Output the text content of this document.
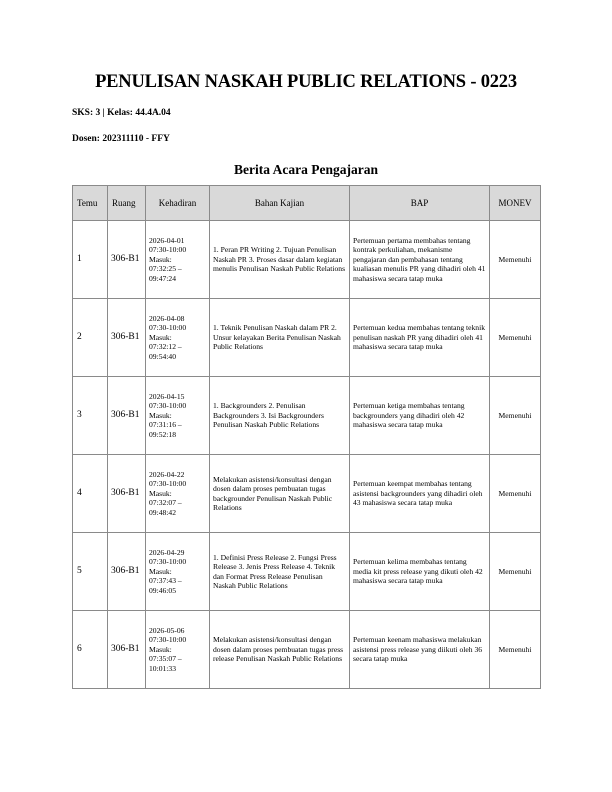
PENULISAN NASKAH PUBLIC RELATIONS - 0223
SKS: 3 | Kelas: 44.4A.04
Dosen: 202311110 - FFY
Berita Acara Pengajaran
Temu	Ruang	Kehadiran	Bahan Kajian	BAP	MONEV
1	306-B1	2026-04-01
07:30-10:00
Masuk:
07:32:25 –
09:47:24	1. Peran PR Writing 2. Tujuan Penulisan Naskah PR 3. Proses dasar dalam kegiatan menulis Penulisan Naskah Public Relations	Pertemuan pertama membahas tentang kontrak perkuliahan, mekanisme pengajaran dan pembahasan tentang kualiasan menulis PR yang dihadiri oleh 41 mahasiswa secara tatap muka	Memenuhi
2	306-B1	2026-04-08
07:30-10:00
Masuk:
07:32:12 –
09:54:40	1. Teknik Penulisan Naskah dalam PR 2. Unsur kelayakan Berita Penulisan Naskah Public Relations	Pertemuan kedua membahas tentang teknik penulisan naskah PR yang dihadiri oleh 41 mahasiswa secara tatap muka	Memenuhi
3	306-B1	2026-04-15
07:30-10:00
Masuk:
07:31:16 –
09:52:18	1. Backgrounders 2. Penulisan Backgrounders 3. Isi Backgrounders Penulisan Naskah Public Relations	Pertemuan ketiga membahas tentang backgrounders yang dihadiri oleh 42 mahasiswa secara tatap muka	Memenuhi
4	306-B1	2026-04-22
07:30-10:00
Masuk:
07:32:07 –
09:48:42	Melakukan asistensi/konsultasi dengan dosen dalam proses pembuatan tugas backgrounder Penulisan Naskah Public Relations	Pertemuan keempat membahas tentang asistensi backgrounders yang dihadiri oleh 43 mahasiswa secara tatap muka	Memenuhi
5	306-B1	2026-04-29
07:30-10:00
Masuk:
07:37:43 –
09:46:05	1. Definisi Press Release 2. Fungsi Press Release 3. Jenis Press Release 4. Teknik dan Format Press Release Penulisan Naskah Public Relations	Pertemuan kelima membahas tentang media kit press release yang dikuti oleh 42 mahasiswa secara tatap muka	Memenuhi
6	306-B1	2026-05-06
07:30-10:00
Masuk:
07:35:07 –
10:01:33	Melakukan asistensi/konsultasi dengan dosen dalam proses pembuatan tugas press release Penulisan Naskah Public Relations	Pertemuan keenam mahasiswa melakukan asistensi press release yang diikuti oleh 36 secara tatap muka	Memenuhi
